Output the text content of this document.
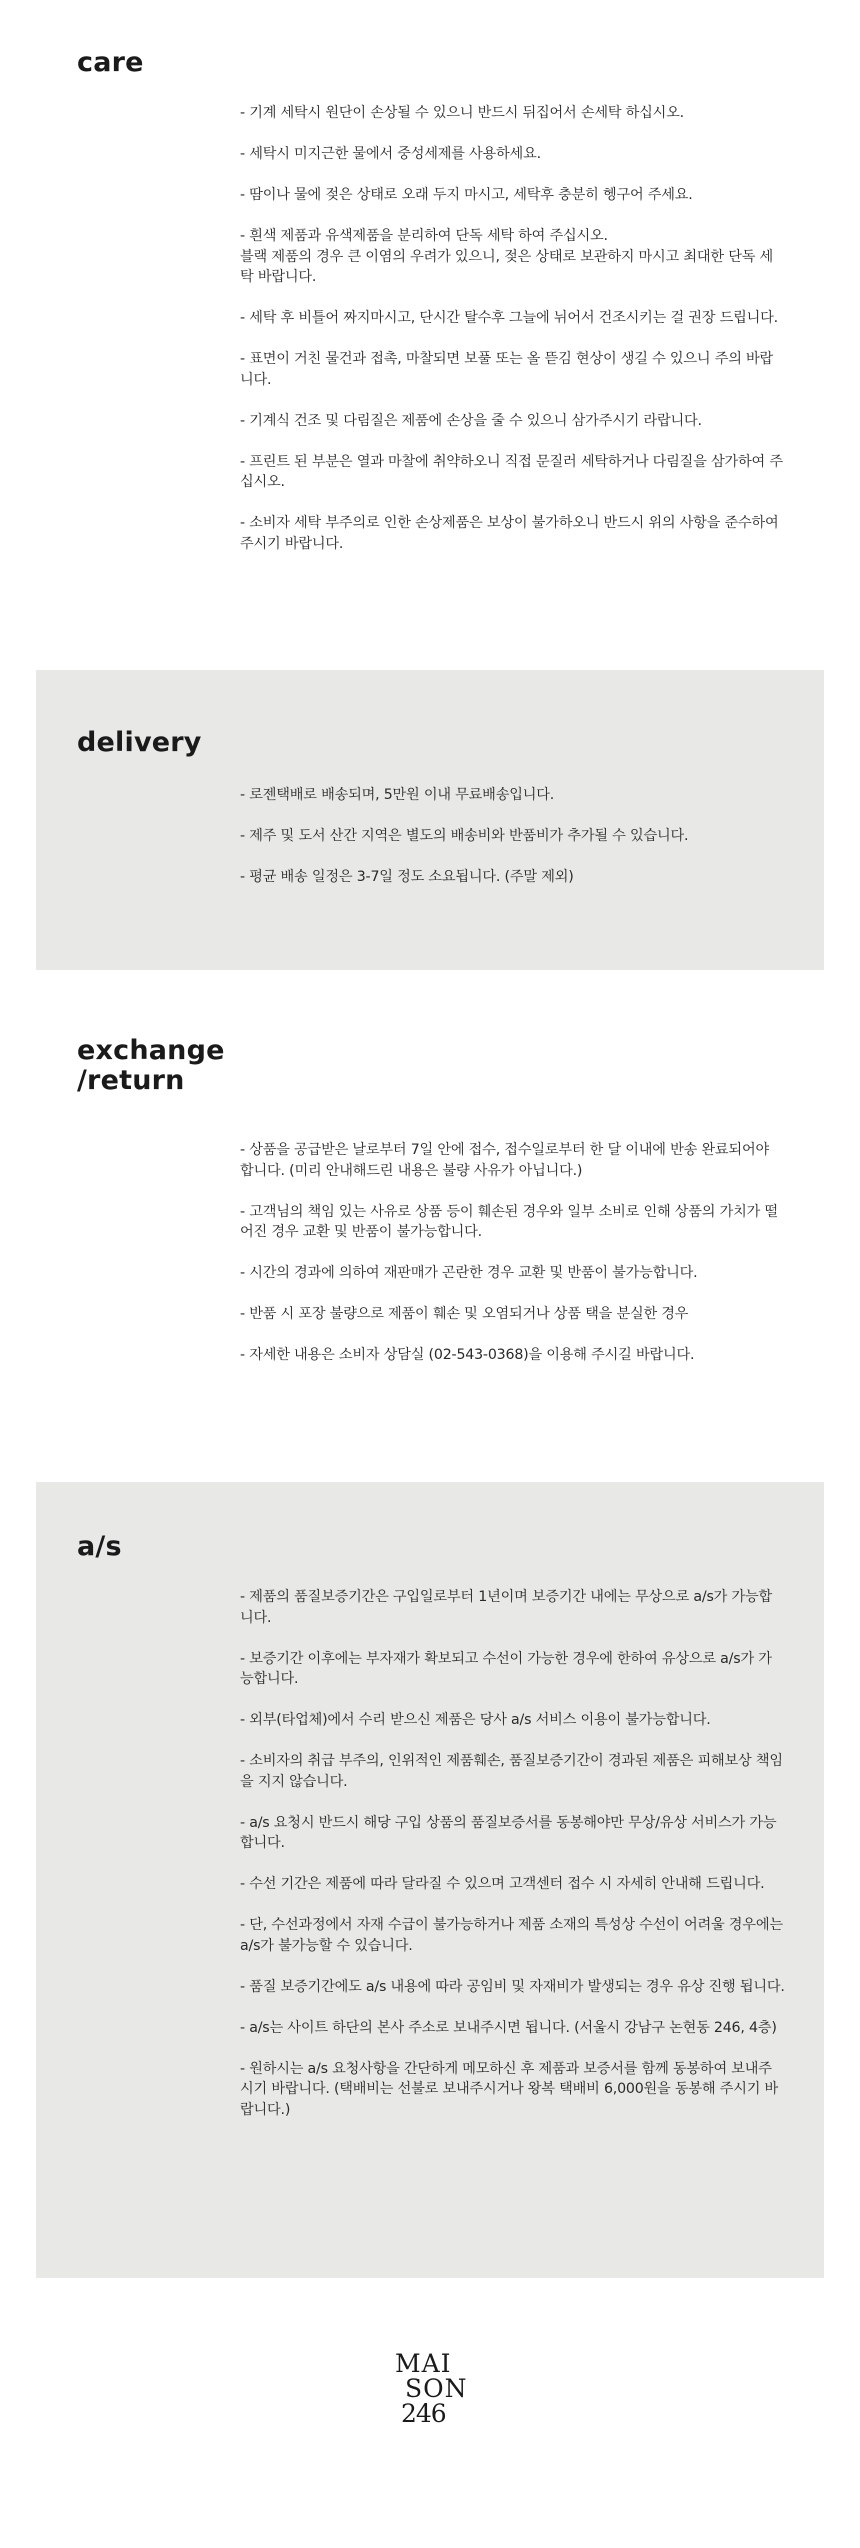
care
- 기계 세탁시 원단이 손상될 수 있으니 반드시 뒤집어서 손세탁 하십시오.
- 세탁시 미지근한 물에서 중성세제를 사용하세요.
- 땀이나 물에 젖은 상태로 오래 두지 마시고, 세탁후 충분히 헹구어 주세요.
- 흰색 제품과 유색제품을 분리하여 단독 세탁 하여 주십시오.
블랙 제품의 경우 큰 이염의 우려가 있으니, 젖은 상태로 보관하지 마시고 최대한 단독 세탁 바랍니다.
- 세탁 후 비틀어 짜지마시고, 단시간 탈수후 그늘에 뉘어서 건조시키는 걸 권장 드립니다.
- 표면이 거친 물건과 접촉, 마찰되면 보풀 또는 올 뜯김 현상이 생길 수 있으니 주의 바랍니다.
- 기계식 건조 및 다림질은 제품에 손상을 줄 수 있으니 삼가주시기 라랍니다.
- 프린트 된 부분은 열과 마찰에 취약하오니 직접 문질러 세탁하거나 다림질을 삼가하여 주십시오.
- 소비자 세탁 부주의로 인한 손상제품은 보상이 불가하오니 반드시 위의 사항을 준수하여 주시기 바랍니다.
delivery
- 로젠택배로 배송되며, 5만원 이내 무료배송입니다.
- 제주 및 도서 산간 지역은 별도의 배송비와 반품비가 추가될 수 있습니다.
- 평균 배송 일정은 3-7일 정도 소요됩니다. (주말 제외)
exchange
/return
- 상품을 공급받은 날로부터 7일 안에 접수, 접수일로부터 한 달 이내에 반송 완료되어야 합니다. (미리 안내해드린 내용은 불량 사유가 아닙니다.)
- 고객님의 책임 있는 사유로 상품 등이 훼손된 경우와 일부 소비로 인해 상품의 가치가 떨어진 경우 교환 및 반품이 불가능합니다.
- 시간의 경과에 의하여 재판매가 곤란한 경우 교환 및 반품이 불가능합니다.
- 반품 시 포장 불량으로 제품이 훼손 및 오염되거나 상품 택을 분실한 경우
- 자세한 내용은 소비자 상담실 (02-543-0368)을 이용해 주시길 바랍니다.
a/s
- 제품의 품질보증기간은 구입일로부터 1년이며 보증기간 내에는 무상으로 a/s가 가능합니다.
- 보증기간 이후에는 부자재가 확보되고 수선이 가능한 경우에 한하여 유상으로 a/s가 가능합니다.
- 외부(타업체)에서 수리 받으신 제품은 당사 a/s 서비스 이용이 불가능합니다.
- 소비자의 취급 부주의, 인위적인 제품훼손, 품질보증기간이 경과된 제품은 피해보상 책임을 지지 않습니다.
- a/s 요청시 반드시 해당 구입 상품의 품질보증서를 동봉해야만 무상/유상 서비스가 가능합니다.
- 수선 기간은 제품에 따라 달라질 수 있으며 고객센터 접수 시 자세히 안내해 드립니다.
- 단, 수선과정에서 자재 수급이 불가능하거나 제품 소재의 특성상 수선이 어려울 경우에는 a/s가 불가능할 수 있습니다.
- 품질 보증기간에도 a/s 내용에 따라 공임비 및 자재비가 발생되는 경우 유상 진행 됩니다.
- a/s는 사이트 하단의 본사 주소로 보내주시면 됩니다. (서울시 강남구 논현동 246, 4층)
- 원하시는 a/s 요청사항을 간단하게 메모하신 후 제품과 보증서를 함께 동봉하여 보내주시기 바랍니다. (택배비는 선불로 보내주시거나 왕복 택배비 6,000원을 동봉해 주시기 바랍니다.)
MAI
SON
246
